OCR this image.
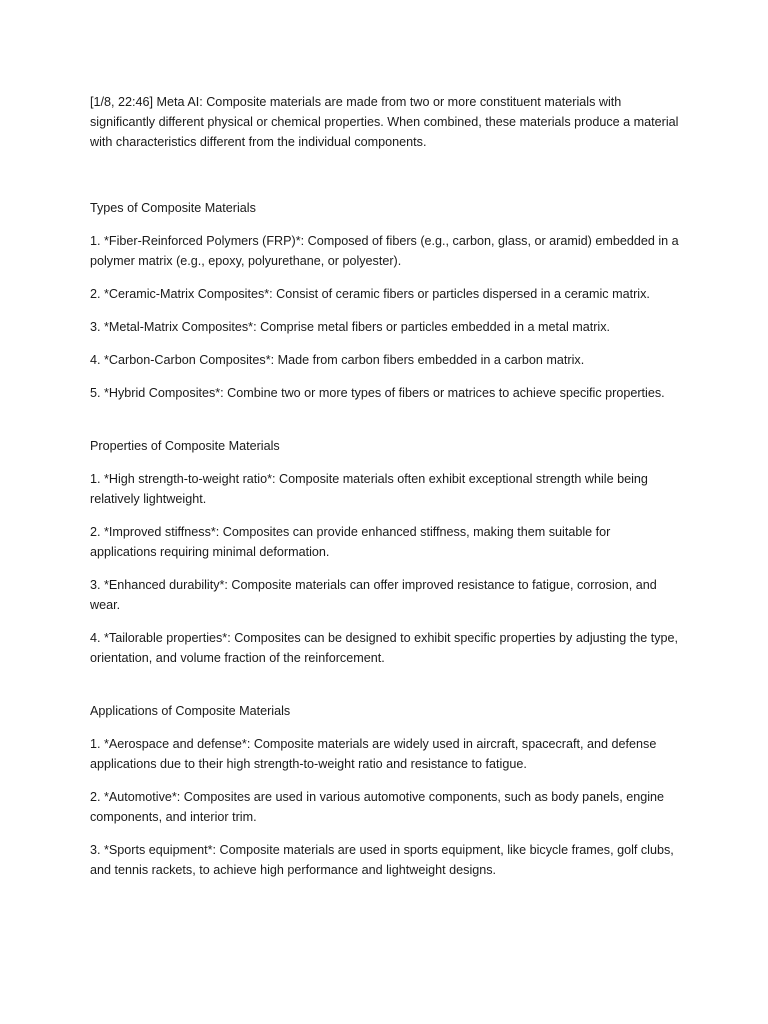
[1/8, 22:46] Meta AI: Composite materials are made from two or more constituent materials with significantly different physical or chemical properties. When combined, these materials produce a material with characteristics different from the individual components.

Types of Composite Materials

1. *Fiber-Reinforced Polymers (FRP)*: Composed of fibers (e.g., carbon, glass, or aramid) embedded in a polymer matrix (e.g., epoxy, polyurethane, or polyester).

2. *Ceramic-Matrix Composites*: Consist of ceramic fibers or particles dispersed in a ceramic matrix.

3. *Metal-Matrix Composites*: Comprise metal fibers or particles embedded in a metal matrix.

4. *Carbon-Carbon Composites*: Made from carbon fibers embedded in a carbon matrix.

5. *Hybrid Composites*: Combine two or more types of fibers or matrices to achieve specific properties.

Properties of Composite Materials

1. *High strength-to-weight ratio*: Composite materials often exhibit exceptional strength while being relatively lightweight.

2. *Improved stiffness*: Composites can provide enhanced stiffness, making them suitable for applications requiring minimal deformation.

3. *Enhanced durability*: Composite materials can offer improved resistance to fatigue, corrosion, and wear.

4. *Tailorable properties*: Composites can be designed to exhibit specific properties by adjusting the type, orientation, and volume fraction of the reinforcement.

Applications of Composite Materials

1. *Aerospace and defense*: Composite materials are widely used in aircraft, spacecraft, and defense applications due to their high strength-to-weight ratio and resistance to fatigue.

2. *Automotive*: Composites are used in various automotive components, such as body panels, engine components, and interior trim.

3. *Sports equipment*: Composite materials are used in sports equipment, like bicycle frames, golf clubs, and tennis rackets, to achieve high performance and lightweight designs.
